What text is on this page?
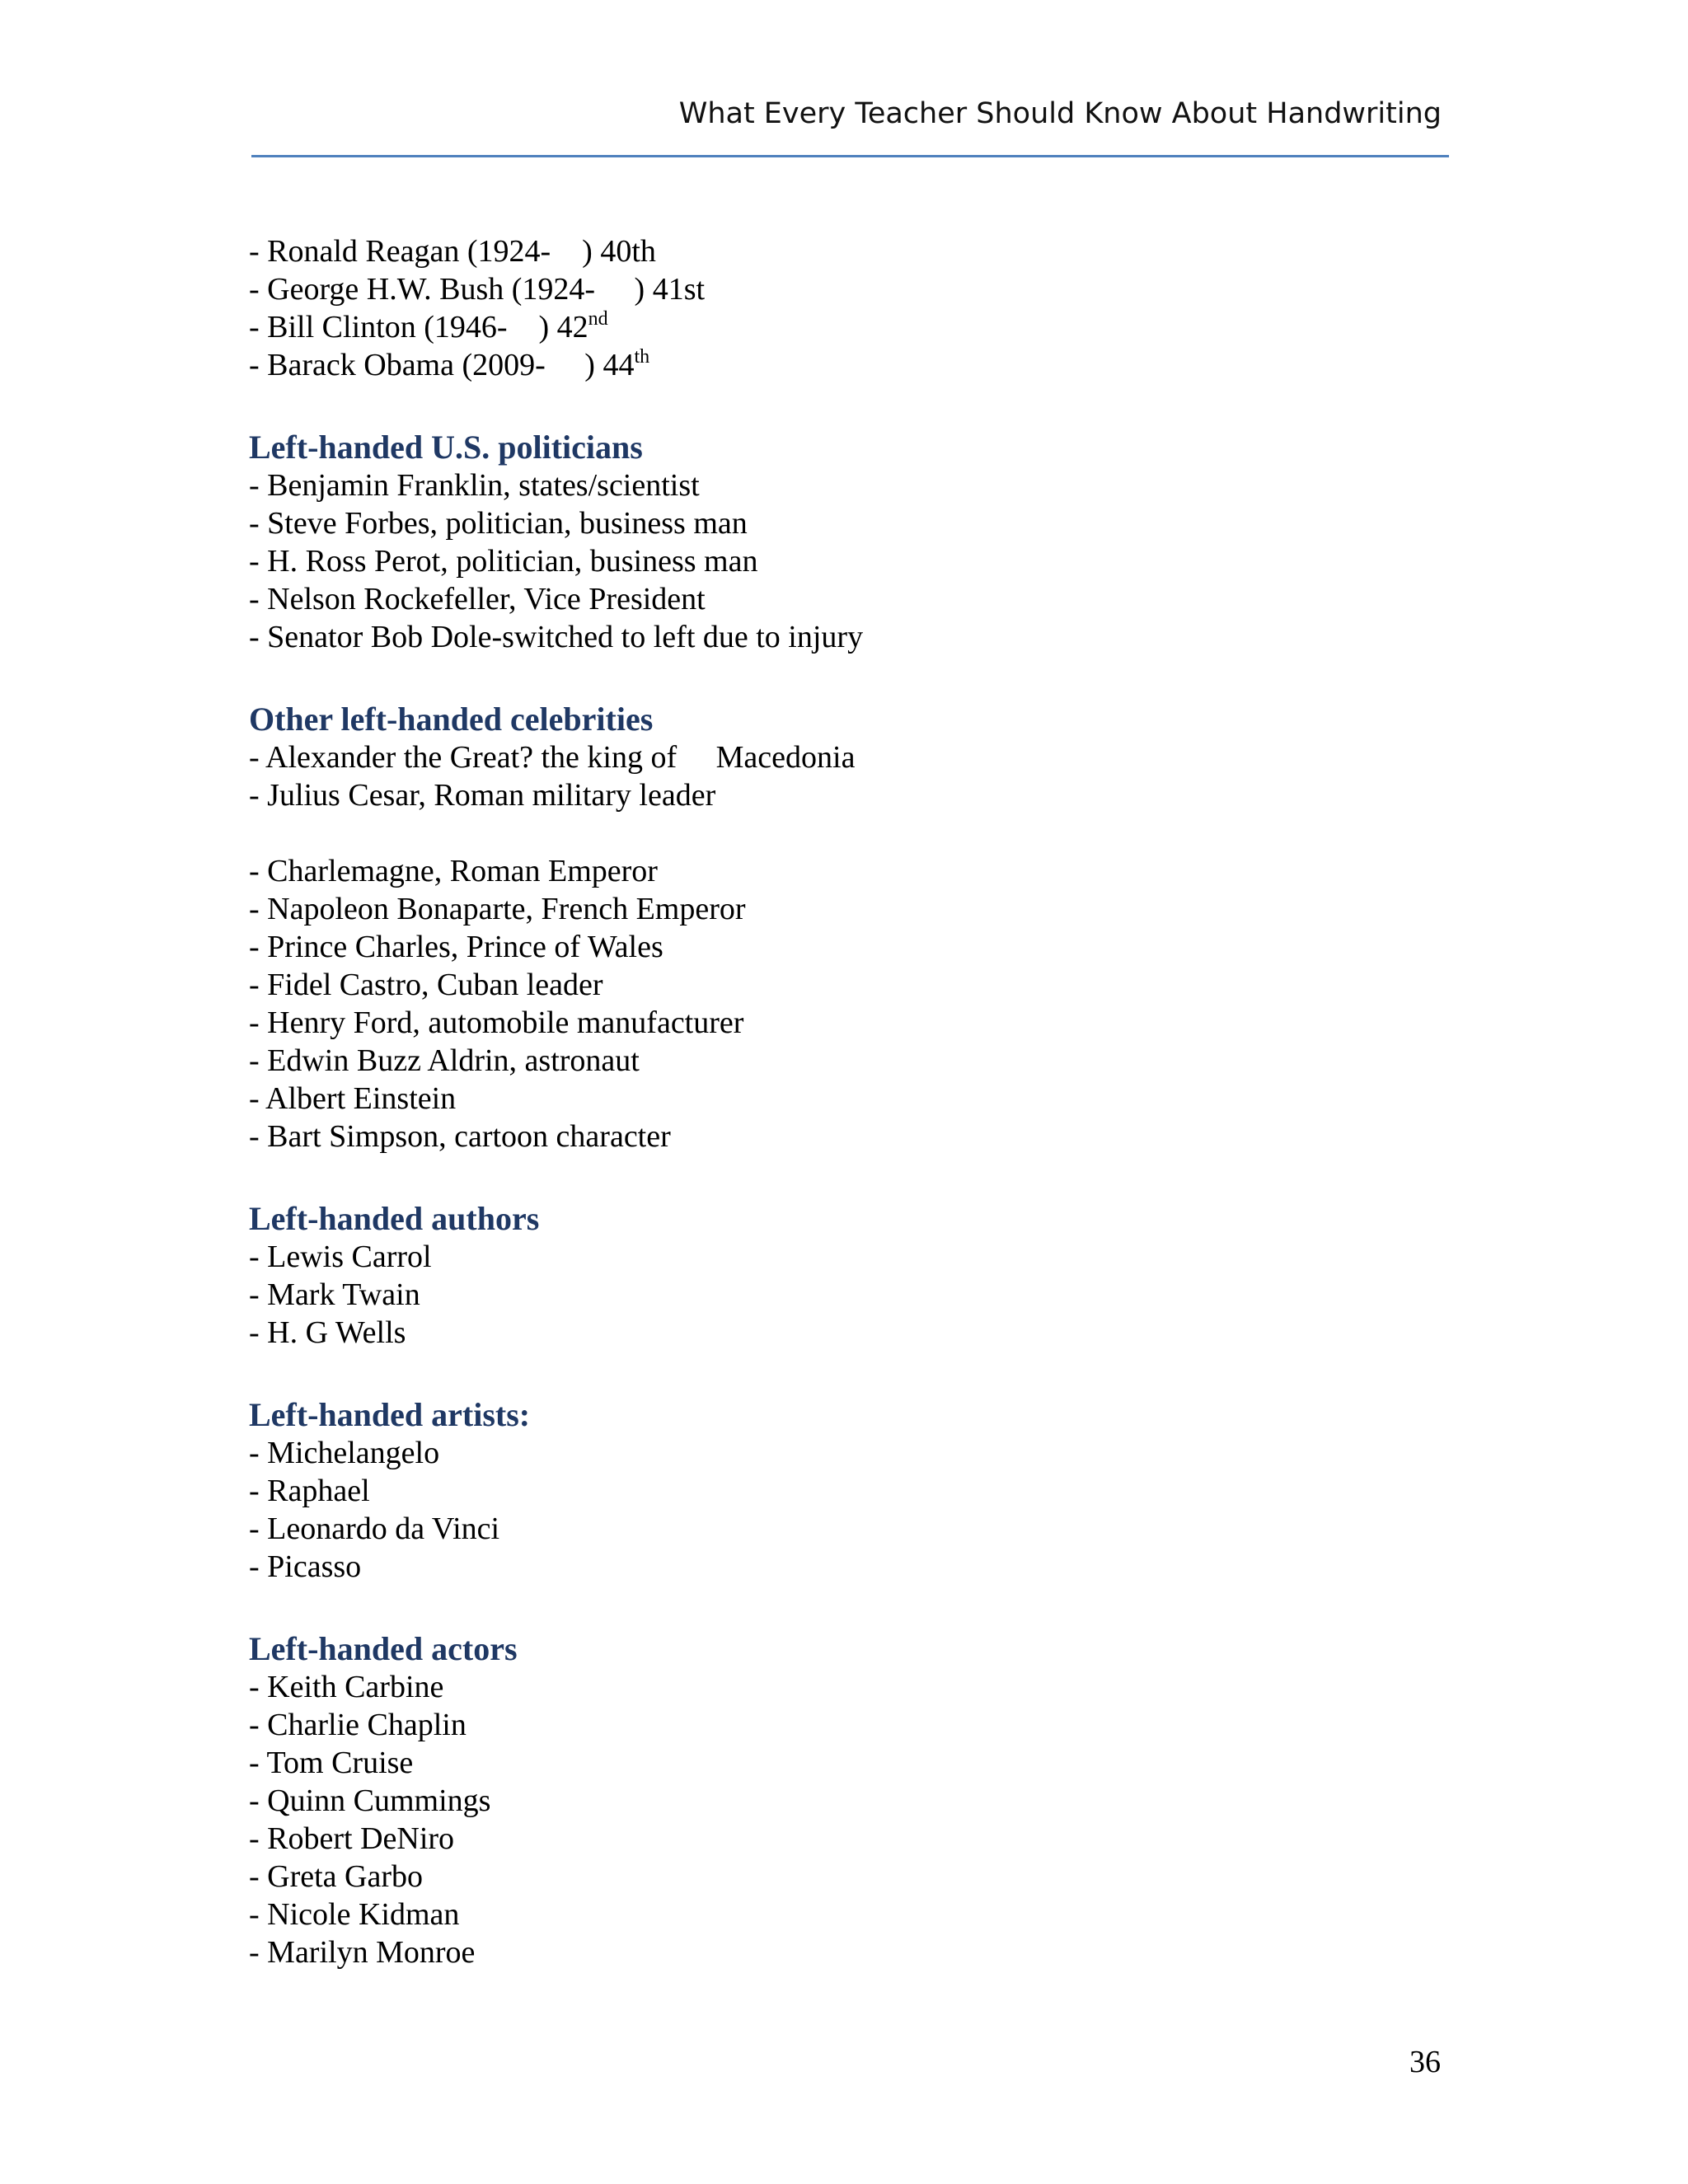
What Every Teacher Should Know About Handwriting
- Ronald Reagan (1924-    ) 40th
- George H.W. Bush (1924-     ) 41st
- Bill Clinton (1946-    ) 42nd
- Barack Obama (2009-     ) 44th
Left-handed U.S. politicians
- Benjamin Franklin, states/scientist
- Steve Forbes, politician, business man
- H. Ross Perot, politician, business man
- Nelson Rockefeller, Vice President
- Senator Bob Dole-switched to left due to injury
Other left-handed celebrities
- Alexander the Great? the king of     Macedonia
- Julius Cesar, Roman military leader
- Charlemagne, Roman Emperor
- Napoleon Bonaparte, French Emperor
- Prince Charles, Prince of Wales
- Fidel Castro, Cuban leader
- Henry Ford, automobile manufacturer
- Edwin Buzz Aldrin, astronaut
- Albert Einstein
- Bart Simpson, cartoon character
Left-handed authors
- Lewis Carrol
- Mark Twain
- H. G Wells
Left-handed artists:
- Michelangelo
- Raphael
- Leonardo da Vinci
- Picasso
Left-handed actors
- Keith Carbine
- Charlie Chaplin
- Tom Cruise
- Quinn Cummings
- Robert DeNiro
- Greta Garbo
- Nicole Kidman
- Marilyn Monroe
36
